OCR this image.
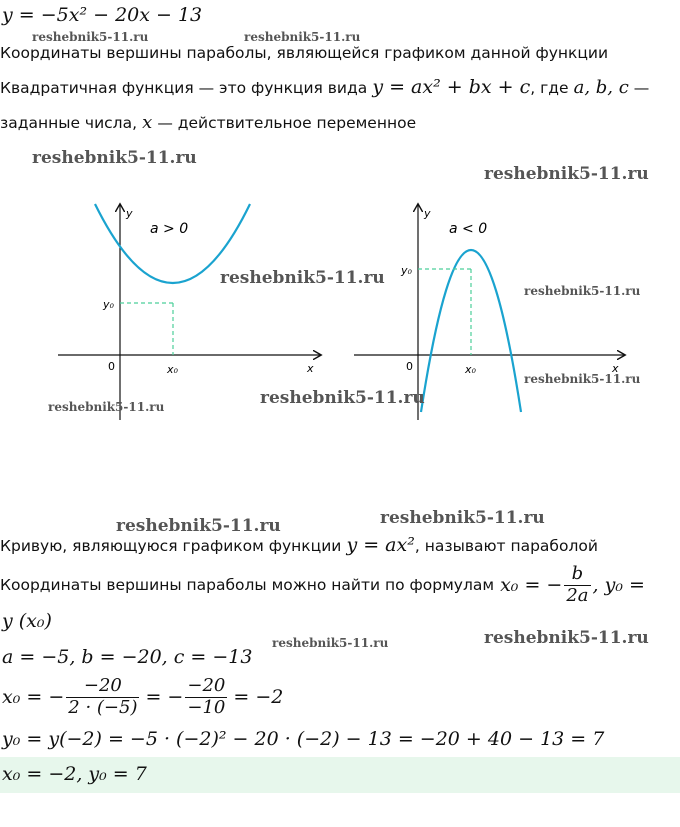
y = −5x² − 20x − 13
reshebnik5-11.ru	reshebnik5-11.ru
Координаты вершины параболы, являющейся графиком данной функции
Квадратичная функция — это функция вида y = ax² + bx + c, где a, b, c —
заданные числа, x — действительное переменное
a > 0
y
x
0
y₀
x₀
a < 0
y
x
0
y₀
x₀
reshebnik5-11.ru
reshebnik5-11.ru
reshebnik5-11.ru
reshebnik5-11.ru
reshebnik5-11.ru
reshebnik5-11.ru
reshebnik5-11.ru
reshebnik5-11.ru
reshebnik5-11.ru
reshebnik5-11.ru	reshebnik5-11.ru
Кривую, являющуюся графиком функции y = ax², называют параболой
Координаты вершины параболы можно найти по формулам x₀ = − $\frac{b}{2a}$ , y₀ =
y (x₀)
a = −5, b = −20, c = −13
x₀ = − $\frac{-20}{2 \cdot (-5)}$ = − $\frac{-20}{-10} = -2$
y₀ = y(−2) = −5 · (−2)² − 20 · (−2) − 13 = −20 + 40 − 13 = 7
x₀ = −2, y₀ = 7
